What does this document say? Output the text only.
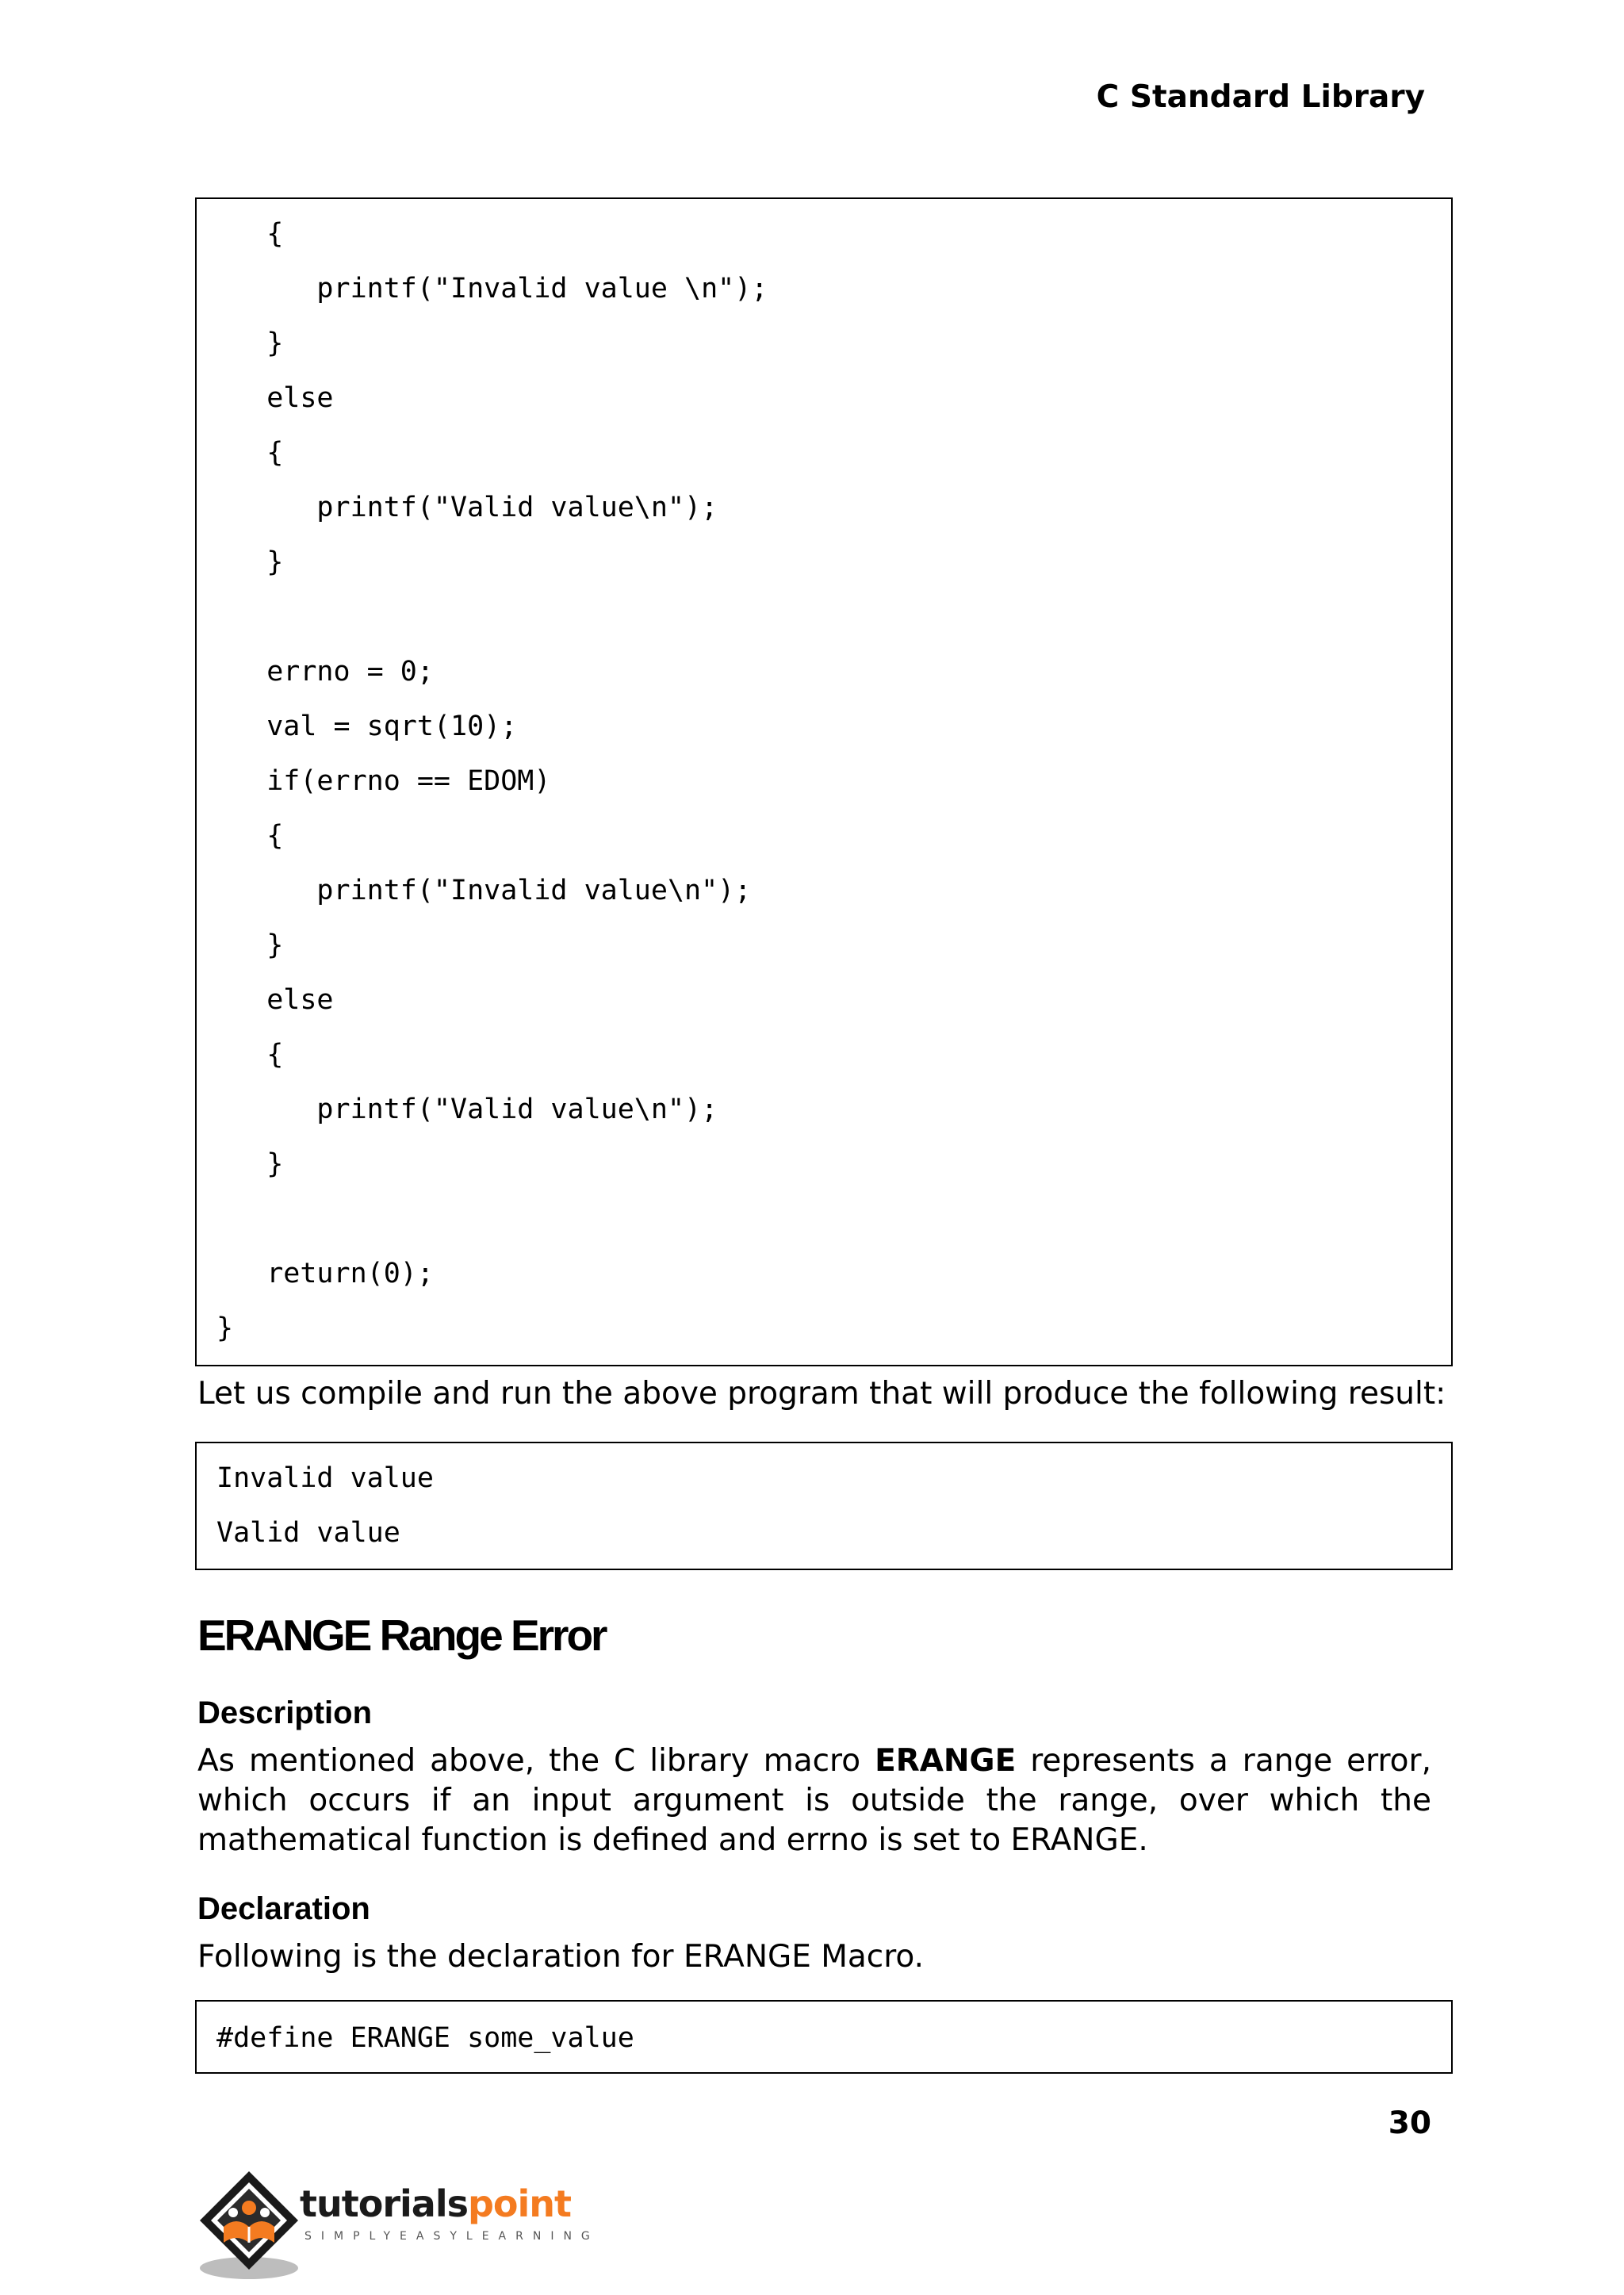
C Standard Library
{
printf("Invalid value \n");
}
else
{
printf("Valid value\n");
}
errno = 0;
val = sqrt(10);
if(errno == EDOM)
{
printf("Invalid value\n");
}
else
{
printf("Valid value\n");
}
return(0);
}
Let us compile and run the above program that will produce the following result:
Invalid value
Valid value
ERANGE Range Error
Description
As mentioned above, the C library macro ERANGE represents a range error, which occurs if an input argument is outside the range, over which the mathematical function is defined and errno is set to ERANGE.
Declaration
Following is the declaration for ERANGE Macro.
#define ERANGE some_value
30
tutorialspoint
SIMPLYEASYLEARNING
